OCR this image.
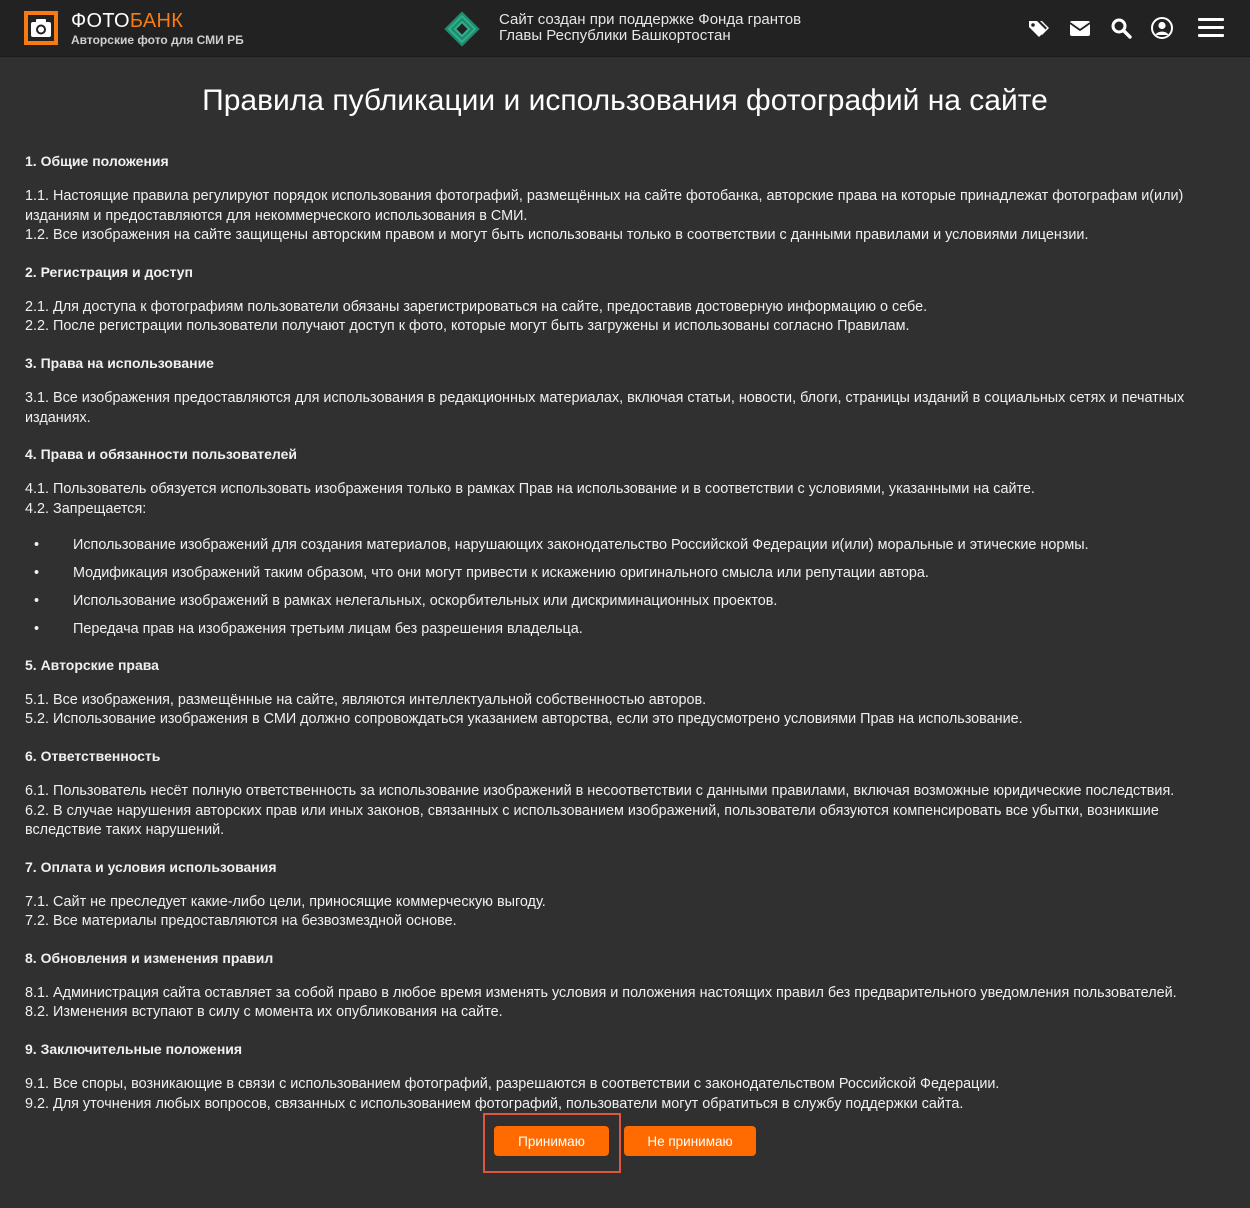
ФОТОБАНК
Авторские фото для СМИ РБ
Сайт создан при поддержке Фонда грантов
Главы Республики Башкортостан
Правила публикации и использования фотографий на сайте
1. Общие положения

1.1. Настоящие правила регулируют порядок использования фотографий, размещённых на сайте фотобанка, авторские права на которые принадлежат фотографам и(или) изданиям и предоставляются для некоммерческого использования в СМИ.
1.2. Все изображения на сайте защищены авторским правом и могут быть использованы только в соответствии с данными правилами и условиями лицензии.

2. Регистрация и доступ

2.1. Для доступа к фотографиям пользователи обязаны зарегистрироваться на сайте, предоставив достоверную информацию о себе.
2.2. После регистрации пользователи получают доступ к фото, которые могут быть загружены и использованы согласно Правилам.

3. Права на использование

3.1. Все изображения предоставляются для использования в редакционных материалах, включая статьи, новости, блоги, страницы изданий в социальных сетях и печатных изданиях.

4. Права и обязанности пользователей

4.1. Пользователь обязуется использовать изображения только в рамках Прав на использование и в соответствии с условиями, указанными на сайте.
4.2. Запрещается:

• Использование изображений для создания материалов, нарушающих законодательство Российской Федерации и(или) моральные и этические нормы.
• Модификация изображений таким образом, что они могут привести к искажению оригинального смысла или репутации автора.
• Использование изображений в рамках нелегальных, оскорбительных или дискриминационных проектов.
• Передача прав на изображения третьим лицам без разрешения владельца.
5. Авторские права

5.1. Все изображения, размещённые на сайте, являются интеллектуальной собственностью авторов.
5.2. Использование изображения в СМИ должно сопровождаться указанием авторства, если это предусмотрено условиями Прав на использование.

6. Ответственность

6.1. Пользователь несёт полную ответственность за использование изображений в несоответствии с данными правилами, включая возможные юридические последствия.
6.2. В случае нарушения авторских прав или иных законов, связанных с использованием изображений, пользователи обязуются компенсировать все убытки, возникшие вследствие таких нарушений.

7. Оплата и условия использования

7.1. Сайт не преследует какие-либо цели, приносящие коммерческую выгоду.
7.2. Все материалы предоставляются на безвозмездной основе.

8. Обновления и изменения правил

8.1. Администрация сайта оставляет за собой право в любое время изменять условия и положения настоящих правил без предварительного уведомления пользователей.
8.2. Изменения вступают в силу с момента их опубликования на сайте.

9. Заключительные положения

9.1. Все споры, возникающие в связи с использованием фотографий, разрешаются в соответствии с законодательством Российской Федерации.
9.2. Для уточнения любых вопросов, связанных с использованием фотографий, пользователи могут обратиться в службу поддержки сайта.

Принимаю	Не принимаю
